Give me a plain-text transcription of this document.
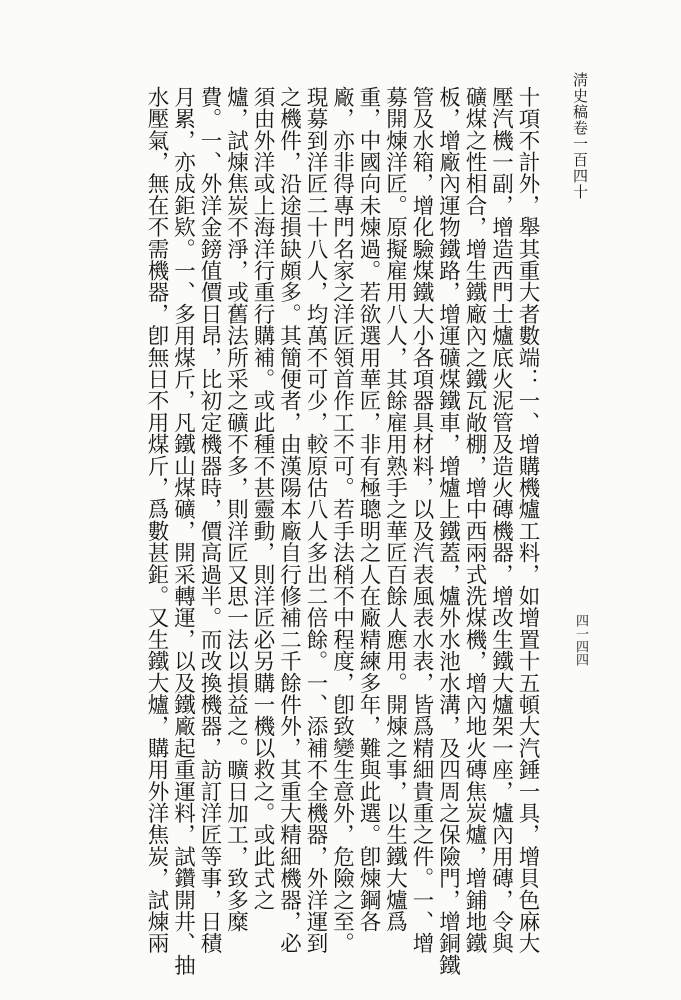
淸史稿卷一百四十
四一四四
十項不計外，舉其重大者數端：一、增購機爐工料，如增置十五頓大汽錘一具，增貝色麻大
壓汽機一副，增造西門士爐底火泥管及造火磚機器，增改生鐵大爐架一座，爐內用磚，令與
礦煤之性相合，增生鐵廠內之鐵瓦敞棚，增中西兩式洗煤機，增內地火磚焦炭爐，增鋪地鐵
板，增廠內運物鐵路，增運礦煤鐵車，增爐上鐵蓋，爐外水池水溝，及四周之保險門，增銅鐵
管及水箱，增化驗煤鐵大小各項器具材料，以及汽表風表水表，皆爲精細貴重之件。一、增
募開煉洋匠。原擬雇用八人，其餘雇用熟手之華匠百餘人應用。開煉之事，以生鐵大爐爲
重，中國向未煉過。若欲選用華匠，非有極聰明之人在廠精練多年，難與此選。卽煉鋼各
廠，亦非得專門名家之洋匠領首作工不可。若手法稍不中程度，卽致變生意外，危險之至。
現募到洋匠二十八人，均萬不可少，較原估八人多出二倍餘。一、添補不全機器，外洋運到
之機件，沿途損缺頗多。其簡便者，由漢陽本廠自行修補二千餘件外，其重大精細機器，必
須由外洋或上海洋行重行購補。或此種不甚靈動，則洋匠必另購一機以救之。或此式之
爐，試煉焦炭不淨，或舊法所采之礦不多，則洋匠又思一法以損益之。曠日加工，致多糜
費。一、外洋金鎊值價日昂，比初定機器時，價高過半。而改換機器，訪訂洋匠等事，日積
月累，亦成鉅欵。一、多用煤斤，凡鐵山煤礦，開采轉運，以及鐵廠起重運料，試鑽開井、抽
水壓氣，無在不需機器，卽無日不用煤斤，爲數甚鉅。又生鐵大爐，購用外洋焦炭，試煉兩
